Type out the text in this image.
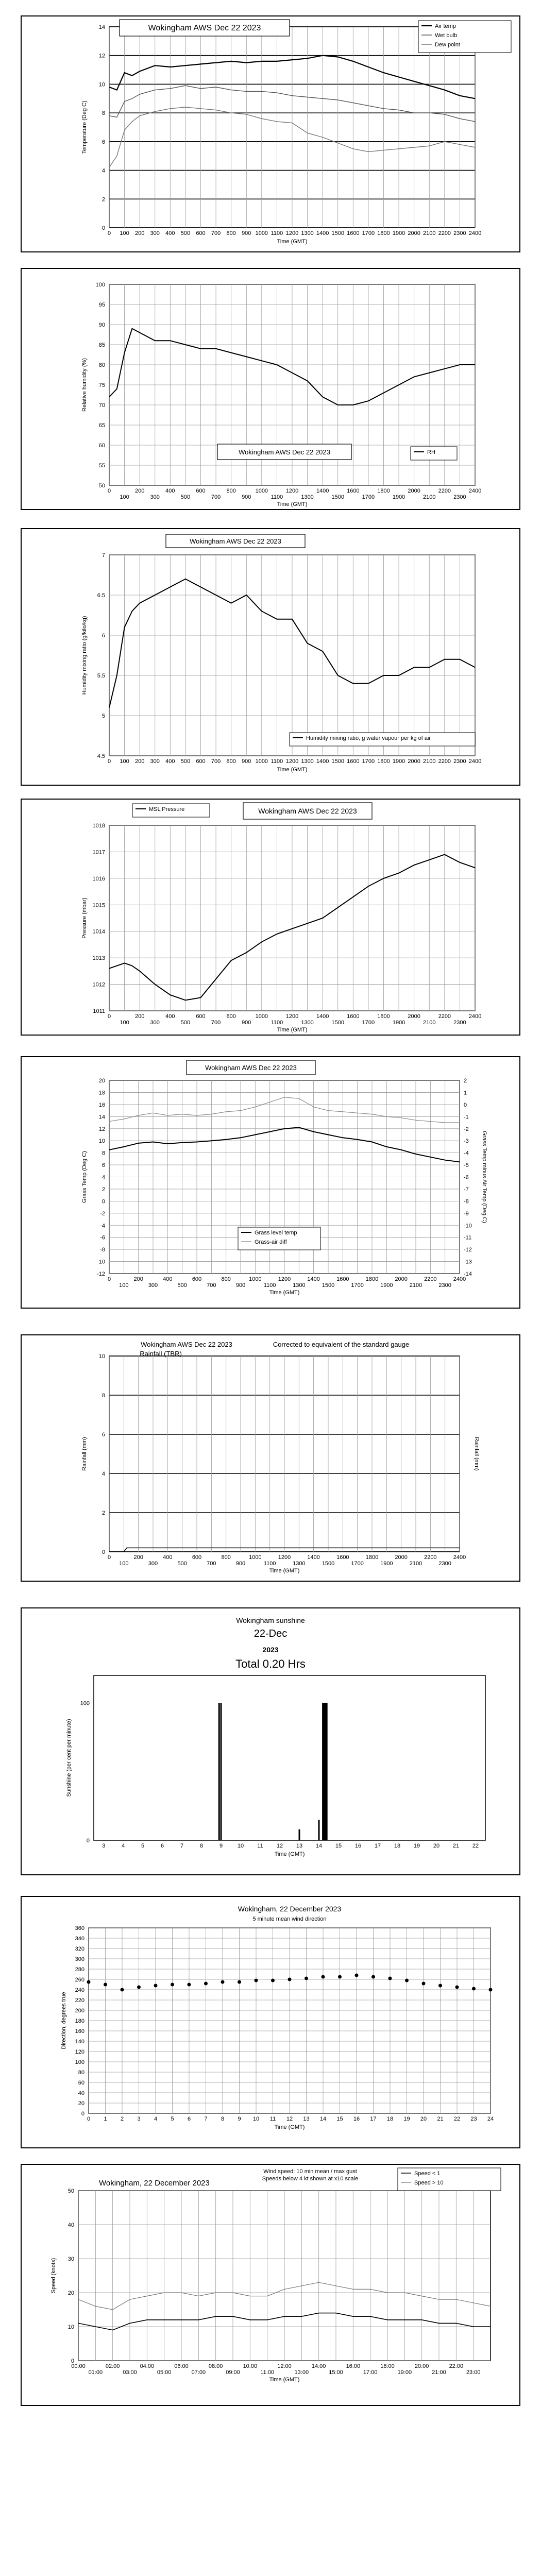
0
2
4
6
8
10
12
14
0 100 200 300 400 500 600 700 800 900 1000 1100 1200 1300 1400 1500 1600 1700 1800 1900 2000 2100 2200 2300 2400
Time (GMT)
Temperature (Deg C)
Wokingham AWS Dec 22 2023	Air temp
Wet bulb
Dew point
50
55
60
65
70
75
80
85
90
95
100
0	200	400	600	800	1000	1200	1400	1600	1800	2000	2200	2400
100	300	500	700	900	1100	1300	1500	1700	1900	2100	2300
Time (GMT)
Relative humidity (%)
Wokingham AWS Dec 22 2023	RH
4.5
5
5.5
6
6.5
7
0 100 200 300 400 500 600 700 800 900 1000 1100 1200 1300 1400 1500 1600 1700 1800 1900 2000 2100 2200 2300 2400
Time (GMT)
Humidity mixing ratio (g/kilo/kg)
Wokingham AWS Dec 22 2023
Humidity mixing ratio, g water vapour per kg of air
1011
1012
1013
1014
1015
1016
1017
1018
0	200	400	600	800	1000	1200	1400	1600	1800	2000	2200	2400
100	300	500	700	900	1100	1300	1500	1700	1900	2100	2300
Time (GMT)
Pressure (mbar)
MSL Pressure	Wokingham AWS Dec 22 2023
-12
-10
-8
-6
-4
-2
0
2
4
6
8
10
12
14
16
18
20
0	200	400	600	800	1000	1200	1400	1600	1800	2000	2200	2400
100	300	500	700	900	1100	1300	1500	1700	1900	2100	2300
Time (GMT)
Grass Temp (Deg C)
-14
-13
-12
-11
-10
-9
-8
-7
-6
-5
-4
-3
-2
-1
0
1
2
Grass Temp minus Air Temp (Deg C)
Wokingham AWS Dec 22 2023
Grass level temp
Grass-air diff
0
2
4
6
8
10
0	200	400	600	800	1000	1200	1400	1600	1800	2000	2200	2400
100	300	500	700	900	1100	1300	1500	1700	1900	2100	2300
Time (GMT)
Rainfall (mm)	Rainfall (mm)
Wokingham AWS Dec 22 2023
Rainfall (TBR)
Corrected to equivalent of the standard gauge
0
100
3	4	5	6	7	8	9	10 11 12 13 14 15 16 17 18 19 20 21 22
Time (GMT)
Sunshine (per cent per minute)
Wokingham sunshine
22-Dec
2023
Total 0.20 Hrs
0
20
40
60
80
100
120
140
160
180
200
220
240
260
280
300
320
340
360
0 1 2 3 4 5 6 7 8 9 10 11 12 13 14 15 16 17 18 19 20 21 22 23 24
Time (GMT)
Direction, degrees true
Wokingham, 22 December 2023
5 minute mean wind direction
0
10
20
30
40
50
00:00	02:00	04:00	06:00	08:00	10:00	12:00	14:00	16:00	18:00	20:00	22:00
01:00	03:00	05:00	07:00	09:00	11:00	13:00	15:00	17:00	19:00	21:00	23:00
Time (GMT)
Speed (knots)
Wokingham, 22 December 2023
Wind speed: 10 min mean / max gust
Speeds below 4 kt shown at x10 scale
Speed < 1
Speed > 10
